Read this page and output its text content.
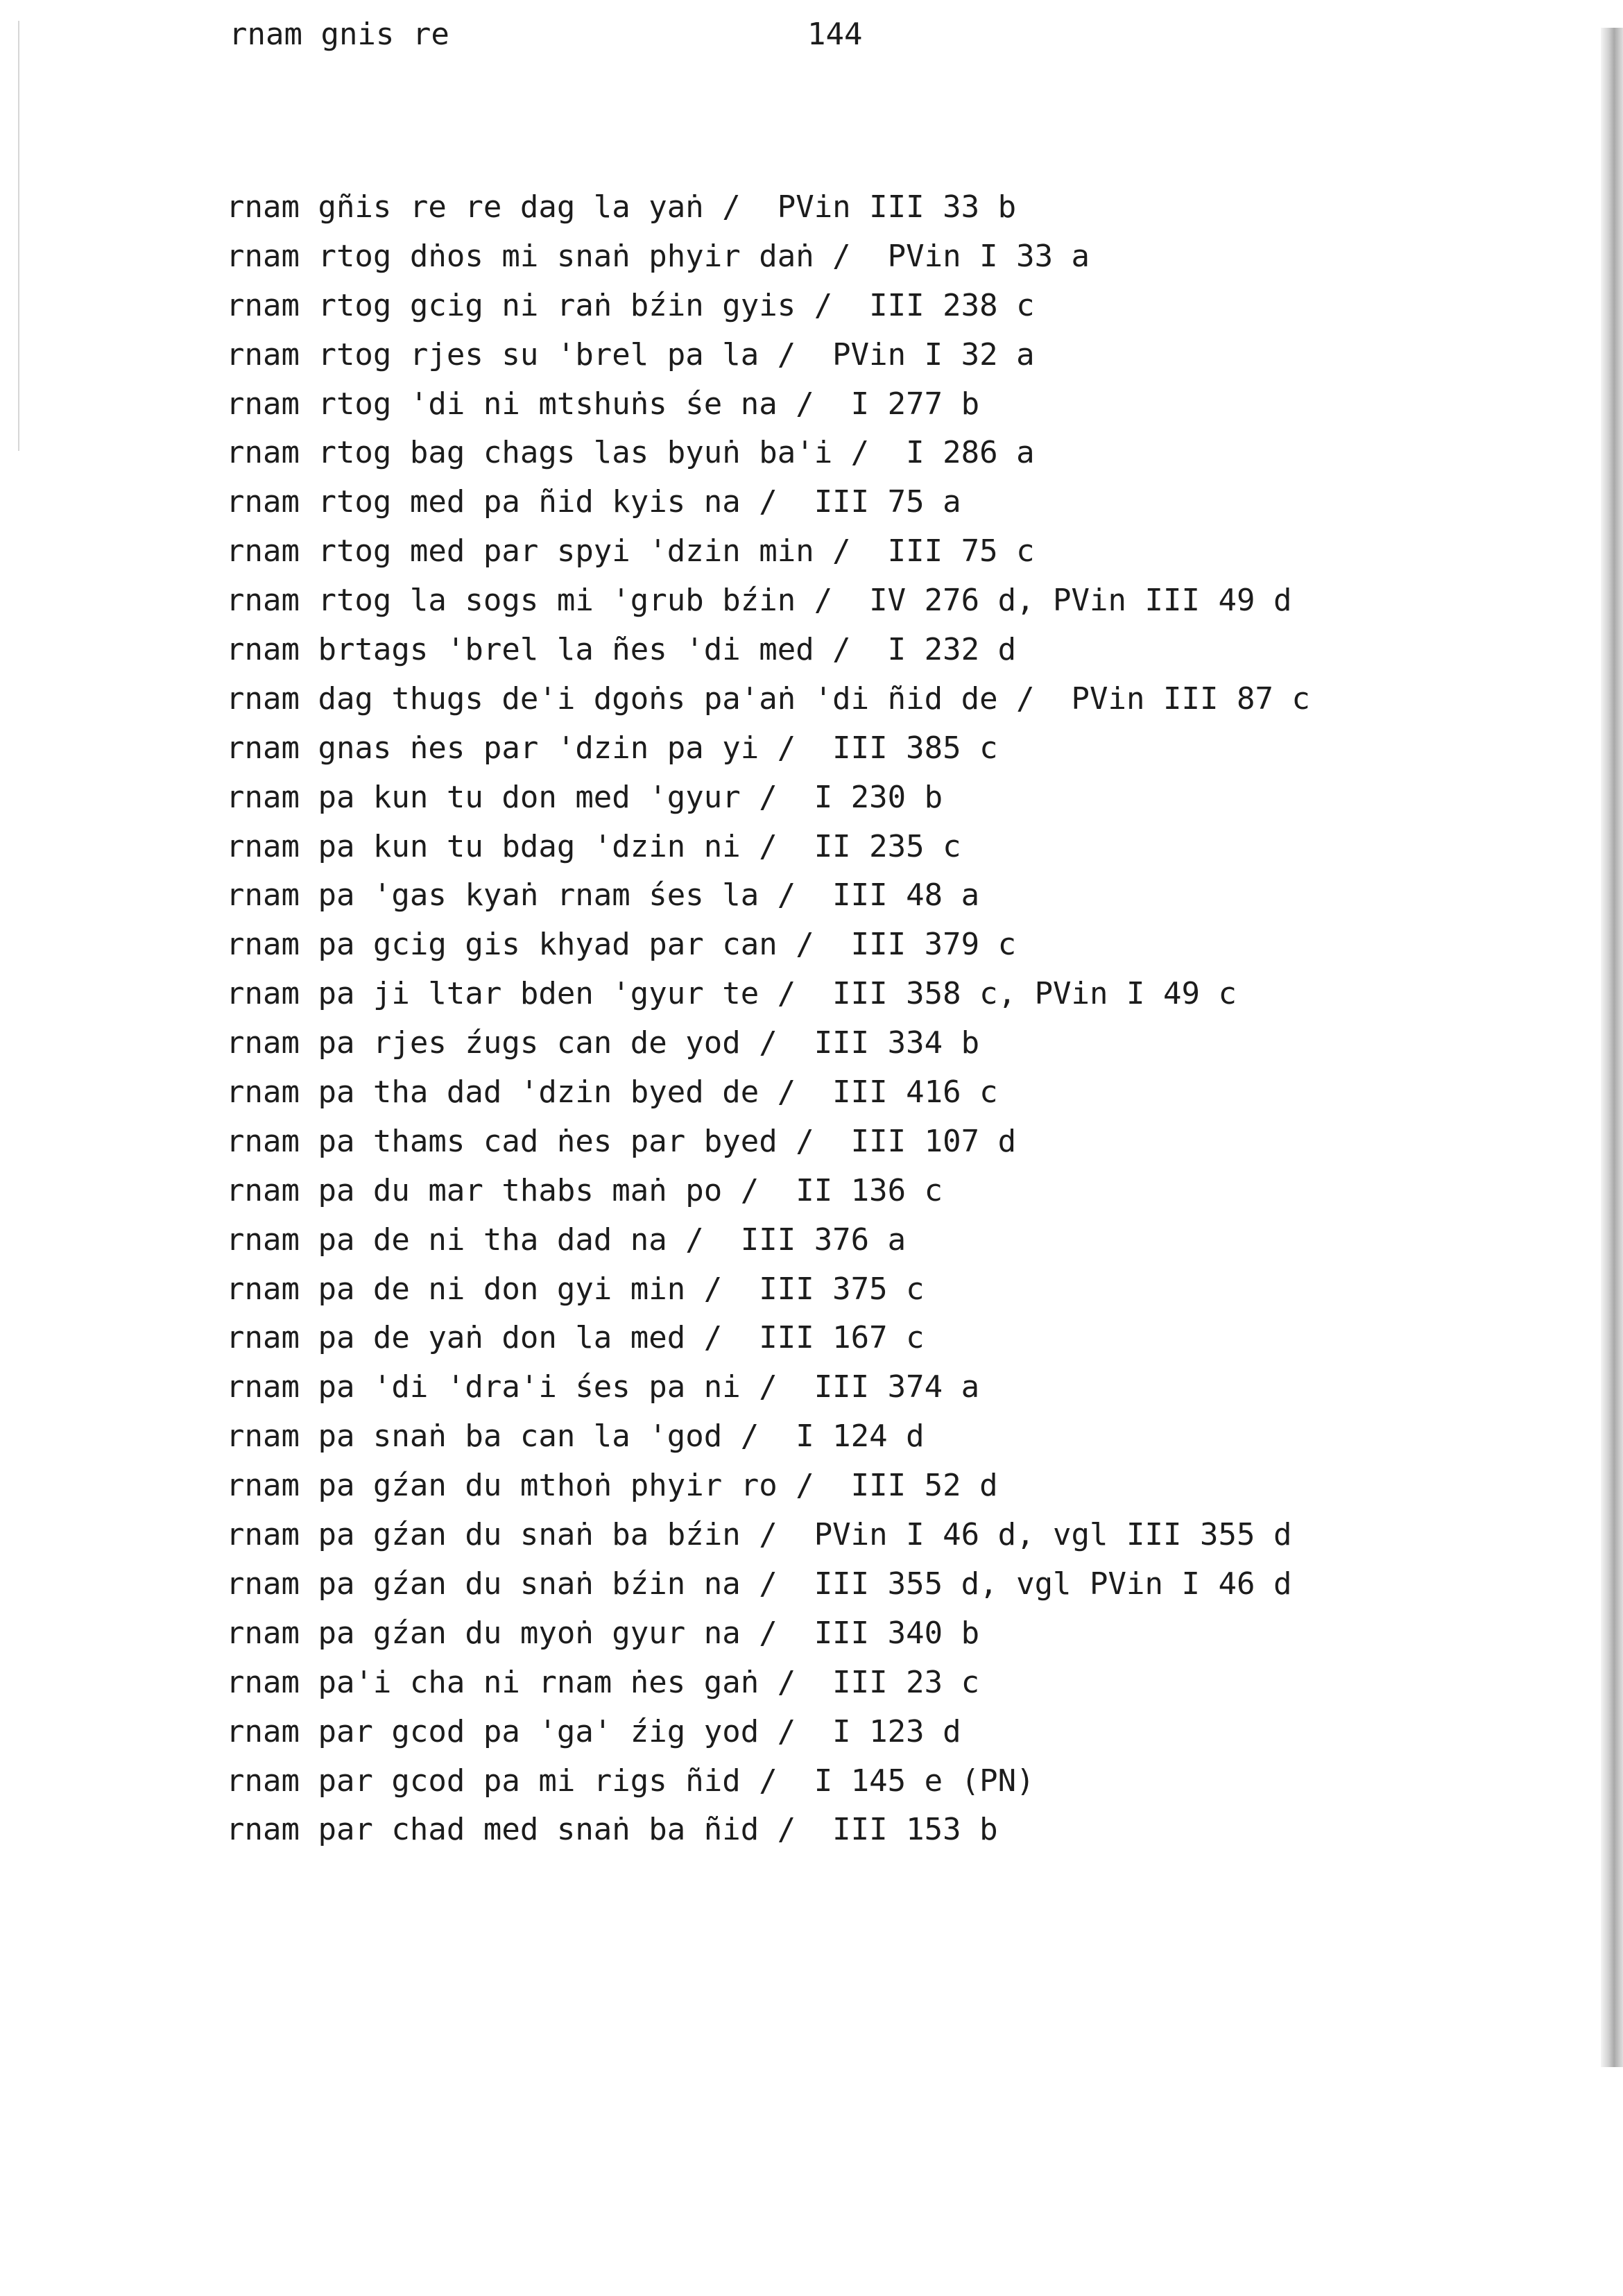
rnam gnis re	144
rnam gñis re re dag la yaṅ /  PVin III 33 b
rnam rtog dṅos mi snaṅ phyir daṅ /  PVin I 33 a
rnam rtog gcig ni raṅ bźin gyis /  III 238 c
rnam rtog rjes su 'brel pa la /  PVin I 32 a
rnam rtog 'di ni mtshuṅs śe na /  I 277 b
rnam rtog bag chags las byuṅ ba'i /  I 286 a
rnam rtog med pa ñid kyis na /  III 75 a
rnam rtog med par spyi 'dzin min /  III 75 c
rnam rtog la sogs mi 'grub bźin /  IV 276 d, PVin III 49 d
rnam brtags 'brel la ñes 'di med /  I 232 d
rnam dag thugs de'i dgoṅs pa'aṅ 'di ñid de /  PVin III 87 c
rnam gnas ṅes par 'dzin pa yi /  III 385 c
rnam pa kun tu don med 'gyur /  I 230 b
rnam pa kun tu bdag 'dzin ni /  II 235 c
rnam pa 'gas kyaṅ rnam śes la /  III 48 a
rnam pa gcig gis khyad par can /  III 379 c
rnam pa ji ltar bden 'gyur te /  III 358 c, PVin I 49 c
rnam pa rjes źugs can de yod /  III 334 b
rnam pa tha dad 'dzin byed de /  III 416 c
rnam pa thams cad ṅes par byed /  III 107 d
rnam pa du mar thabs maṅ po /  II 136 c
rnam pa de ni tha dad na /  III 376 a
rnam pa de ni don gyi min /  III 375 c
rnam pa de yaṅ don la med /  III 167 c
rnam pa 'di 'dra'i śes pa ni /  III 374 a
rnam pa snaṅ ba can la 'god /  I 124 d
rnam pa gźan du mthoṅ phyir ro /  III 52 d
rnam pa gźan du snaṅ ba bźin /  PVin I 46 d, vgl III 355 d
rnam pa gźan du snaṅ bźin na /  III 355 d, vgl PVin I 46 d
rnam pa gźan du myoṅ gyur na /  III 340 b
rnam pa'i cha ni rnam ṅes gaṅ /  III 23 c
rnam par gcod pa 'ga' źig yod /  I 123 d
rnam par gcod pa mi rigs ñid /  I 145 e (PN)
rnam par chad med snaṅ ba ñid /  III 153 b
